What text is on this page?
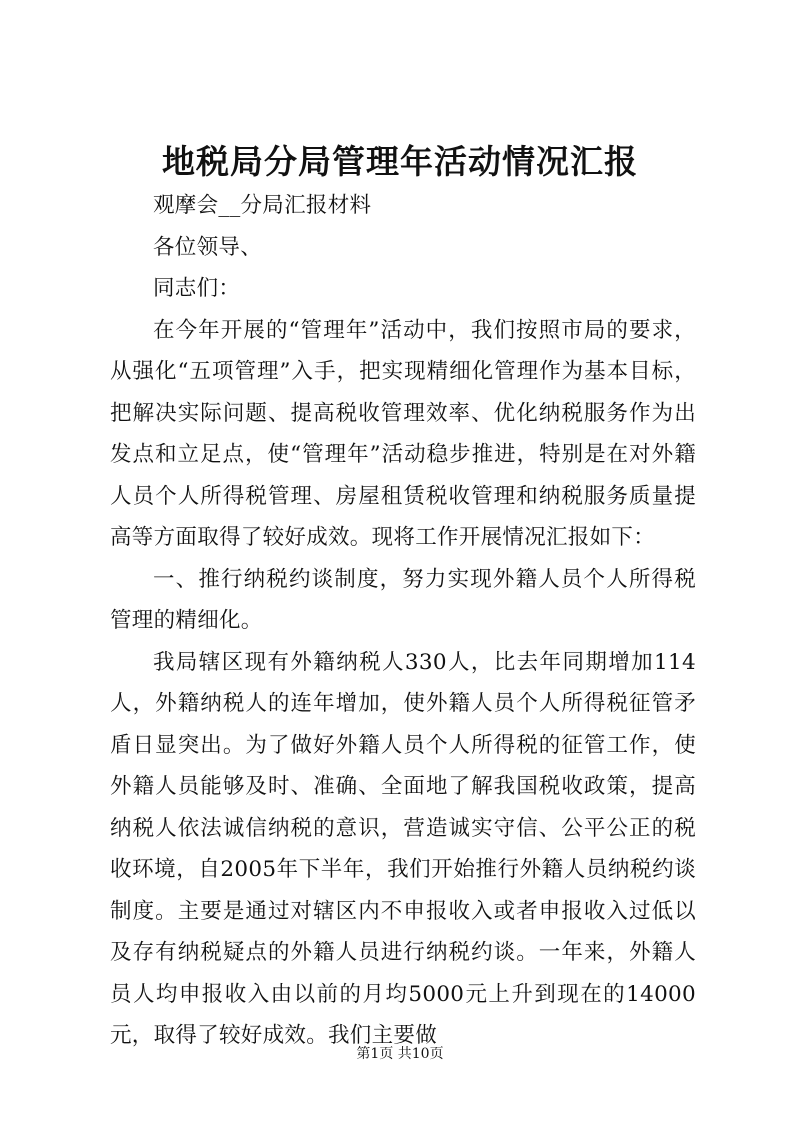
地税局分局管理年活动情况汇报

观摩会__分局汇报材料

各位领导、

同志们：

在今年开展的“管理年”活动中，我们按照市局的要求，从强化“五项管理”入手，把实现精细化管理作为基本目标，把解决实际问题、提高税收管理效率、优化纳税服务作为出发点和立足点，使“管理年”活动稳步推进，特别是在对外籍人员个人所得税管理、房屋租赁税收管理和纳税服务质量提高等方面取得了较好成效。现将工作开展情况汇报如下：

一、推行纳税约谈制度，努力实现外籍人员个人所得税管理的精细化。

我局辖区现有外籍纳税人330人，比去年同期增加114人，外籍纳税人的连年增加，使外籍人员个人所得税征管矛盾日显突出。为了做好外籍人员个人所得税的征管工作，使外籍人员能够及时、准确、全面地了解我国税收政策，提高纳税人依法诚信纳税的意识，营造诚实守信、公平公正的税收环境，自2005年下半年，我们开始推行外籍人员纳税约谈制度。主要是通过对辖区内不申报收入或者申报收入过低以及存有纳税疑点的外籍人员进行纳税约谈。一年来，外籍人员人均申报收入由以前的月均5000元上升到现在的14000元，取得了较好成效。我们主要做

第1页 共10页
